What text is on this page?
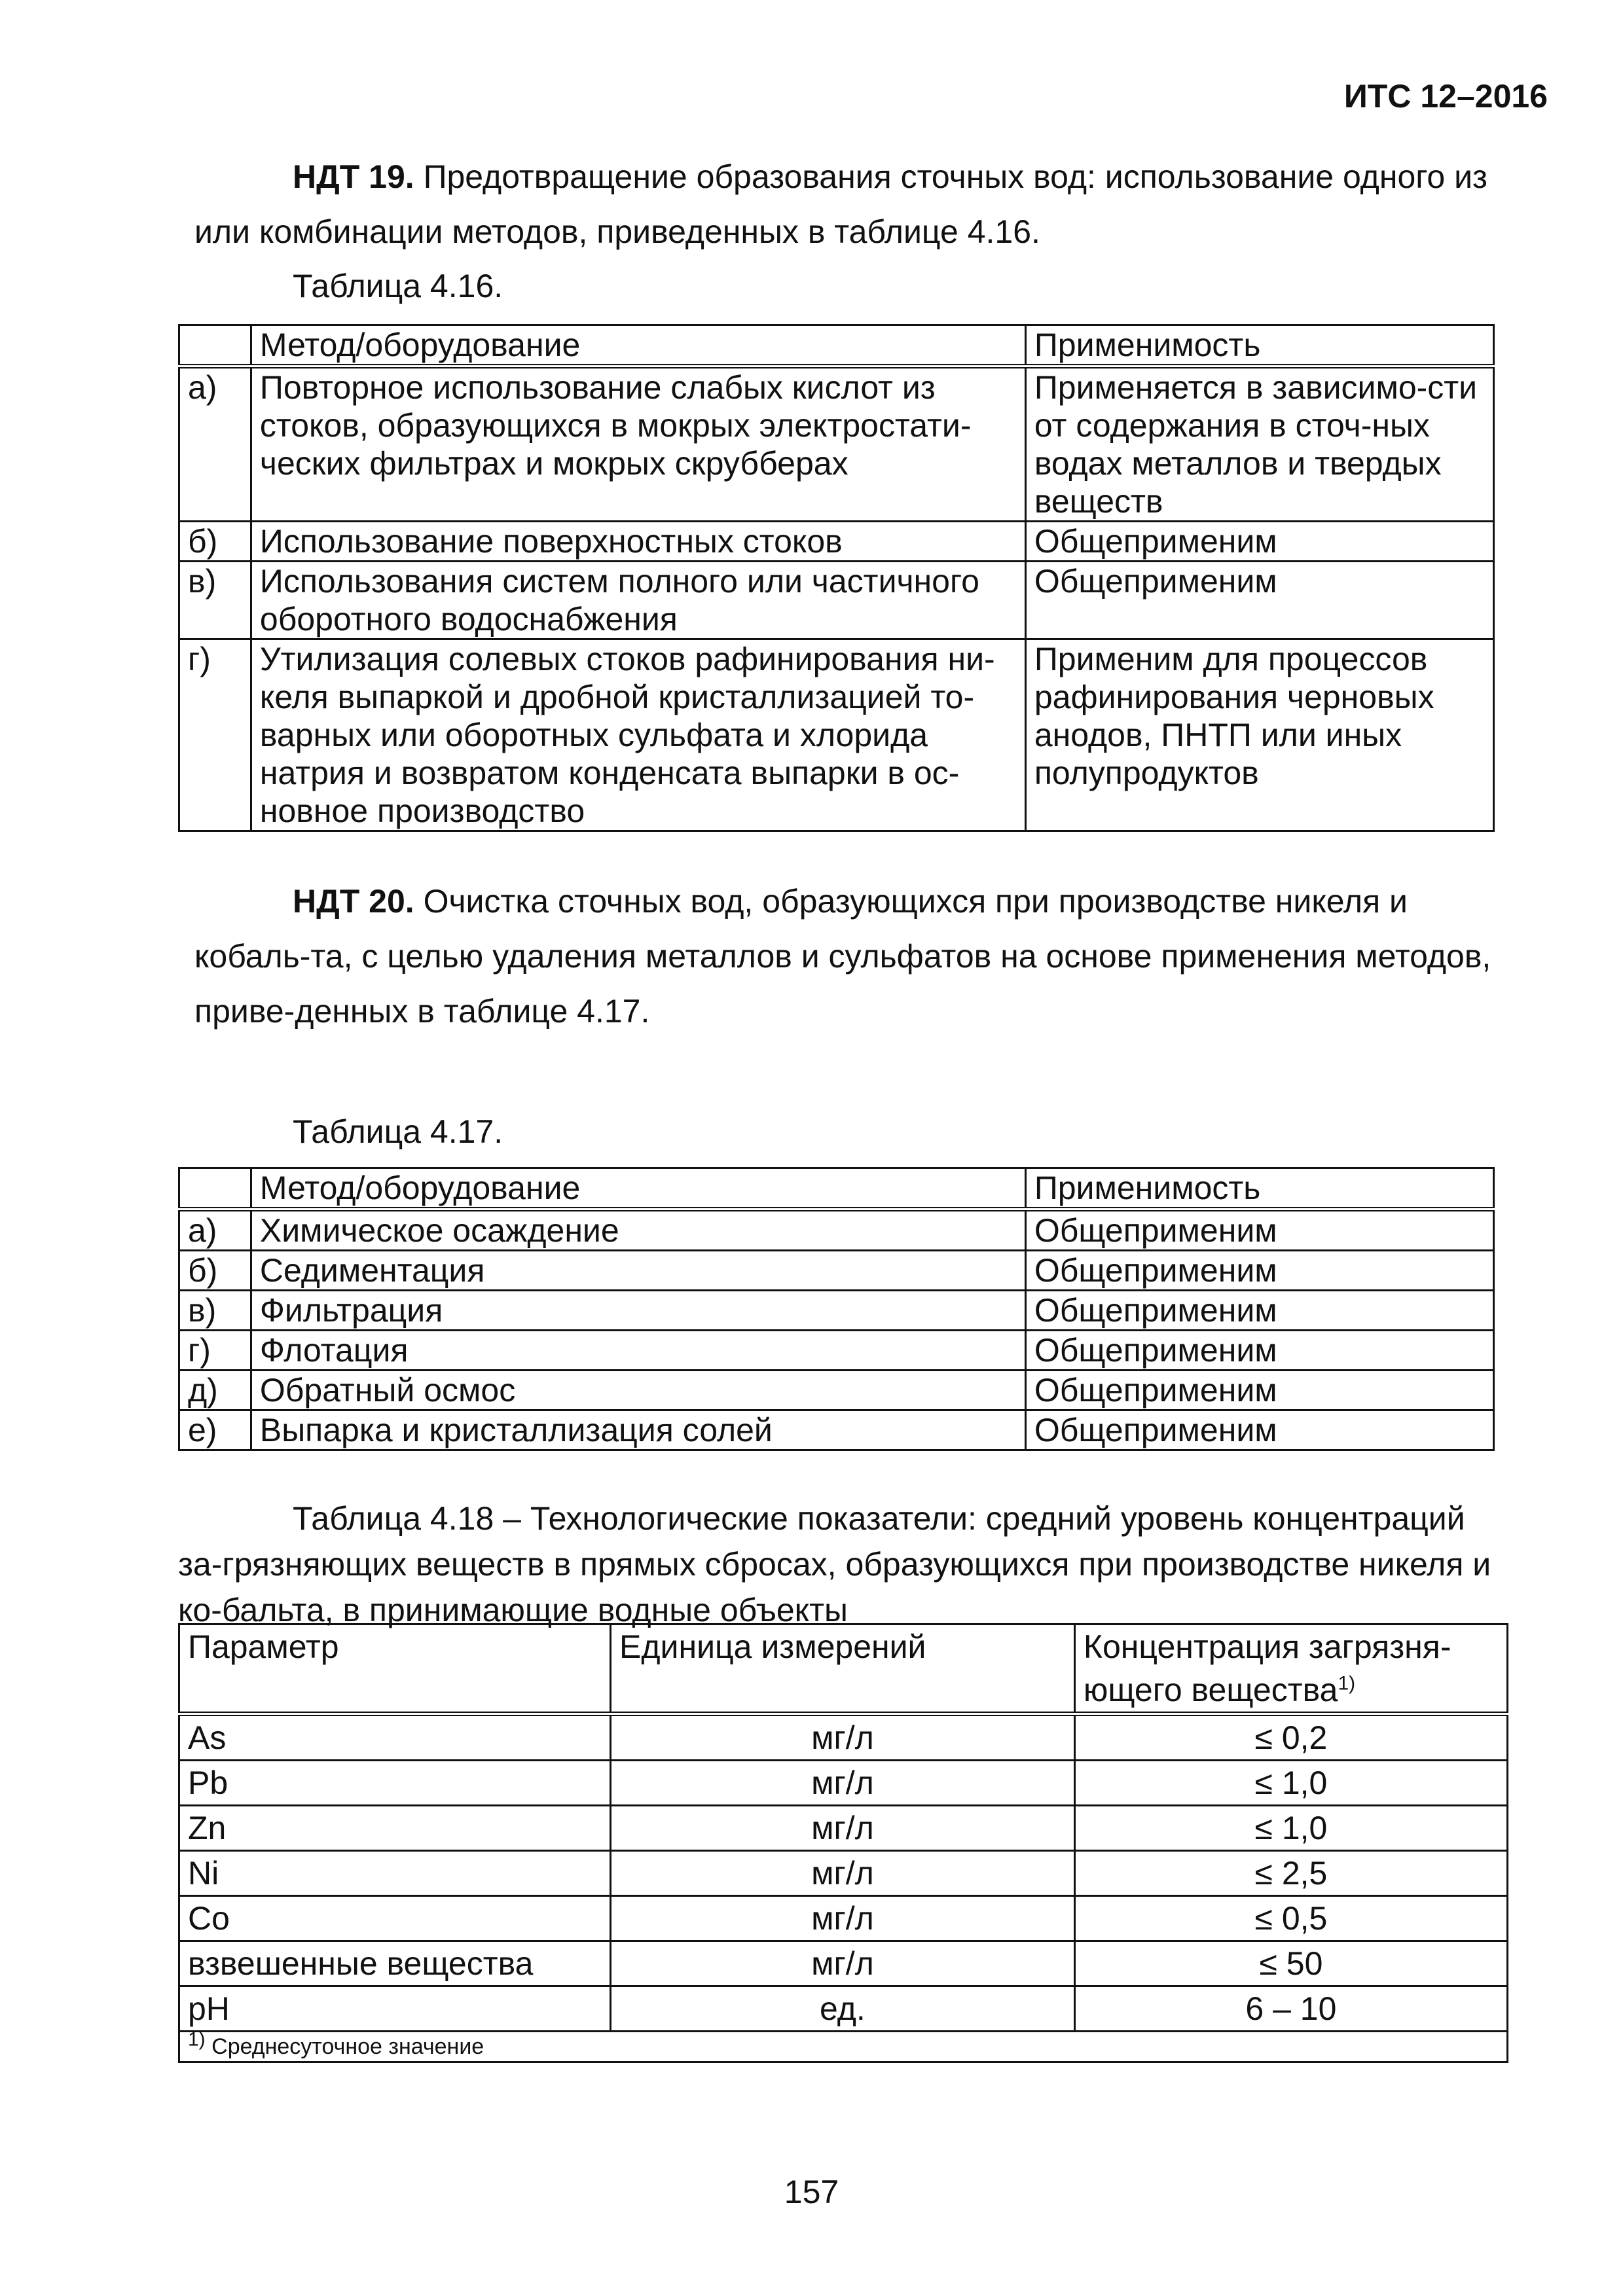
ИТС 12–2016

НДТ 19. Предотвращение образования сточных вод: использование одного из
или комбинации методов, приведенных в таблице 4.16.

Таблица 4.16.
	Метод/оборудование	Применимость
а)	Повторное использование слабых кислот из стоков, образующихся в мокрых электростати-ческих фильтрах и мокрых скрубберах	Применяется в зависимо-сти от содержания в сточ-ных водах металлов и твердых веществ
б)	Использование поверхностных стоков	Общеприменим
в)	Использования систем полного или частичного оборотного водоснабжения	Общеприменим
г)	Утилизация солевых стоков рафинирования ни-келя выпаркой и дробной кристаллизацией то-варных или оборотных сульфата и хлорида натрия и возвратом конденсата выпарки в ос-новное производство	Применим для процессов рафинирования черновых анодов, ПНТП или иных полупродуктов

НДТ 20. Очистка сточных вод, образующихся при производстве никеля и кобаль-та, с целью удаления металлов и сульфатов на основе применения методов, приве-денных в таблице 4.17.

Таблица 4.17.
	Метод/оборудование	Применимость
а)	Химическое осаждение	Общеприменим
б)	Седиментация	Общеприменим
в)	Фильтрация	Общеприменим
г)	Флотация	Общеприменим
д)	Обратный осмос	Общеприменим
е)	Выпарка и кристаллизация солей	Общеприменим
Таблица 4.18 – Технологические показатели: средний уровень концентраций за-грязняющих веществ в прямых сбросах, образующихся при производстве никеля и ко-бальта, в принимающие водные объекты
Параметр	Единица измерений	Концентрация загрязня-ющего вещества$^{1)}$
As	мг/л	≤ 0,2
Pb	мг/л	≤ 1,0
Zn	мг/л	≤ 1,0
Ni	мг/л	≤ 2,5
Co	мг/л	≤ 0,5
взвешенные вещества	мг/л	≤ 50
pH	ед.	6 – 10
$^{1)}$ Среднесуточное значение		
157
